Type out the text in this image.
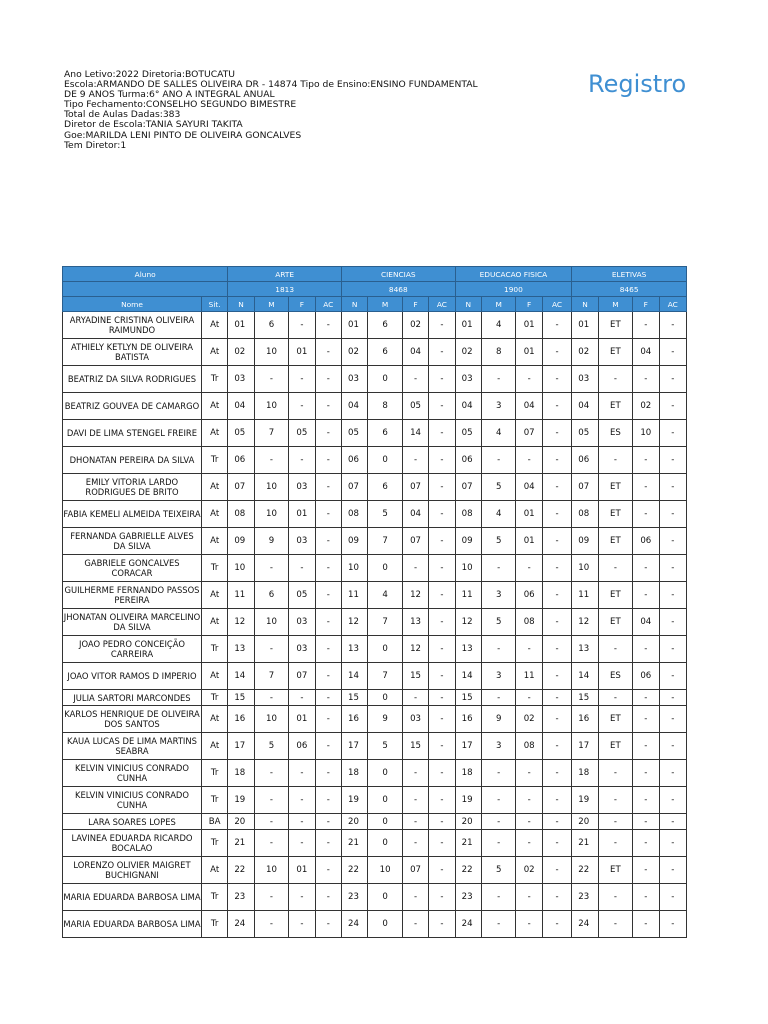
Ano Letivo:2022 Diretoria:BOTUCATU
Escola:ARMANDO DE SALLES OLIVEIRA DR - 14874 Tipo de Ensino:ENSINO FUNDAMENTAL
DE 9 ANOS Turma:6° ANO A INTEGRAL ANUAL
Tipo Fechamento:CONSELHO SEGUNDO BIMESTRE
Total de Aulas Dadas:383
Diretor de Escola:TANIA SAYURI TAKITA
Goe:MARILDA LENI PINTO DE OLIVEIRA GONCALVES
Tem Diretor:1
Registro
Aluno		ARTE				CIENCIAS				EDUCACAO FISICA				ELETIVAS			
		1813				8468				1900				8465			
Nome	Sit.	N	M	F	AC	N	M	F	AC	N	M	F	AC	N	M	F	AC
ARYADINE CRISTINA OLIVEIRA RAIMUNDO	At	01	6	-	-	01	6	02	-	01	4	01	-	01	ET	-	-
ATHIELY KETLYN DE OLIVEIRA BATISTA	At	02	10	01	-	02	6	04	-	02	8	01	-	02	ET	04	-
BEATRIZ DA SILVA RODRIGUES	Tr	03	-	-	-	03	0	-	-	03	-	-	-	03	-	-	-
BEATRIZ GOUVEA DE CAMARGO	At	04	10	-	-	04	8	05	-	04	3	04	-	04	ET	02	-
DAVI DE LIMA STENGEL FREIRE	At	05	7	05	-	05	6	14	-	05	4	07	-	05	ES	10	-
DHONATAN PEREIRA DA SILVA	Tr	06	-	-	-	06	0	-	-	06	-	-	-	06	-	-	-
EMILY VITORIA LARDO RODRIGUES DE BRITO	At	07	10	03	-	07	6	07	-	07	5	04	-	07	ET	-	-
FABIA KEMELI ALMEIDA TEIXEIRA	At	08	10	01	-	08	5	04	-	08	4	01	-	08	ET	-	-
FERNANDA GABRIELLE ALVES DA SILVA	At	09	9	03	-	09	7	07	-	09	5	01	-	09	ET	06	-
GABRIELE GONCALVES CORACAR	Tr	10	-	-	-	10	0	-	-	10	-	-	-	10	-	-	-
GUILHERME FERNANDO PASSOS PEREIRA	At	11	6	05	-	11	4	12	-	11	3	06	-	11	ET	-	-
JHONATAN OLIVEIRA MARCELINO DA SILVA	At	12	10	03	-	12	7	13	-	12	5	08	-	12	ET	04	-
JOAO PEDRO CONCEIÇÃO CARREIRA	Tr	13	-	03	-	13	0	12	-	13	-	-	-	13	-	-	-
JOAO VITOR RAMOS D IMPERIO	At	14	7	07	-	14	7	15	-	14	3	11	-	14	ES	06	-
JULIA SARTORI MARCONDES	Tr	15	-	-	-	15	0	-	-	15	-	-	-	15	-	-	-
KARLOS HENRIQUE DE OLIVEIRA DOS SANTOS	At	16	10	01	-	16	9	03	-	16	9	02	-	16	ET	-	-
KAUA LUCAS DE LIMA MARTINS SEABRA	At	17	5	06	-	17	5	15	-	17	3	08	-	17	ET	-	-
KELVIN VINICIUS CONRADO CUNHA	Tr	18	-	-	-	18	0	-	-	18	-	-	-	18	-	-	-
KELVIN VINICIUS CONRADO CUNHA	Tr	19	-	-	-	19	0	-	-	19	-	-	-	19	-	-	-
LARA SOARES LOPES	BA	20	-	-	-	20	0	-	-	20	-	-	-	20	-	-	-
LAVINEA EDUARDA RICARDO BOCALAO	Tr	21	-	-	-	21	0	-	-	21	-	-	-	21	-	-	-
LORENZO OLIVIER MAIGRET BUCHIGNANI	At	22	10	01	-	22	10	07	-	22	5	02	-	22	ET	-	-
MARIA EDUARDA BARBOSA LIMA	Tr	23	-	-	-	23	0	-	-	23	-	-	-	23	-	-	-
MARIA EDUARDA BARBOSA LIMA	Tr	24	-	-	-	24	0	-	-	24	-	-	-	24	-	-	-
